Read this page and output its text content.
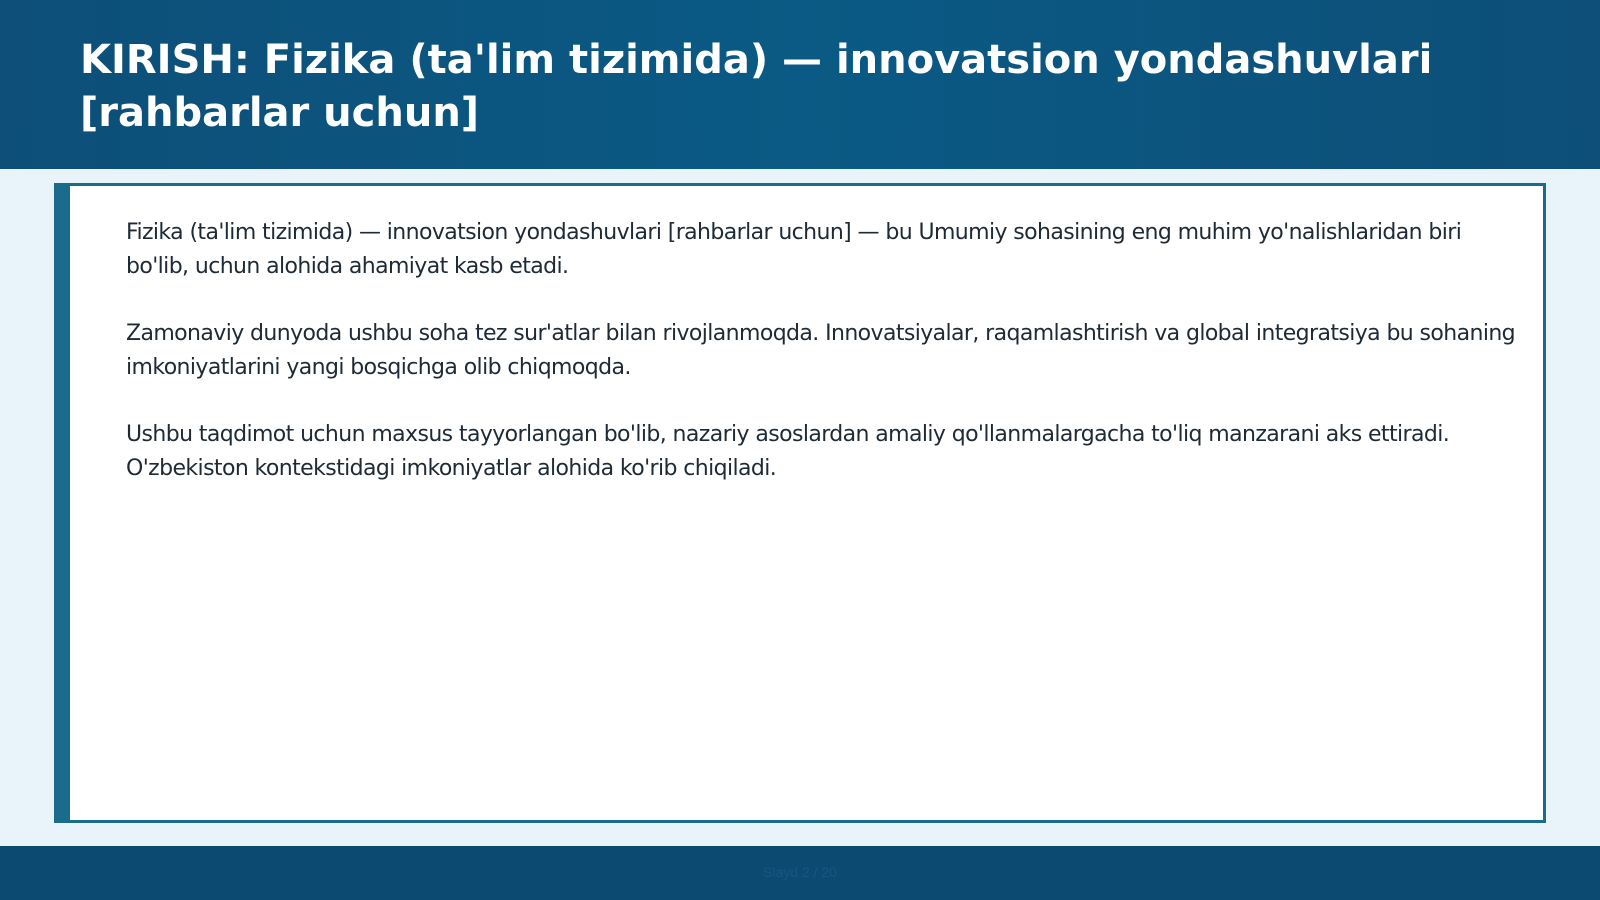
KIRISH: Fizika (ta'lim tizimida) — innovatsion yondashuvlari [rahbarlar uchun]

Fizika (ta'lim tizimida) — innovatsion yondashuvlari [rahbarlar uchun] — bu Umumiy sohasining eng muhim yo'nalishlaridan biri bo'lib, uchun alohida ahamiyat kasb etadi.

Zamonaviy dunyoda ushbu soha tez sur'atlar bilan rivojlanmoqda. Innovatsiyalar, raqamlashtirish va global integratsiya bu sohaning imkoniyatlarini yangi bosqichga olib chiqmoqda.

Ushbu taqdimot uchun maxsus tayyorlangan bo'lib, nazariy asoslardan amaliy qo'llanmalargacha to'liq manzarani aks ettiradi. O'zbekiston kontekstidagi imkoniyatlar alohida ko'rib chiqiladi.

Slayd 2 / 20
